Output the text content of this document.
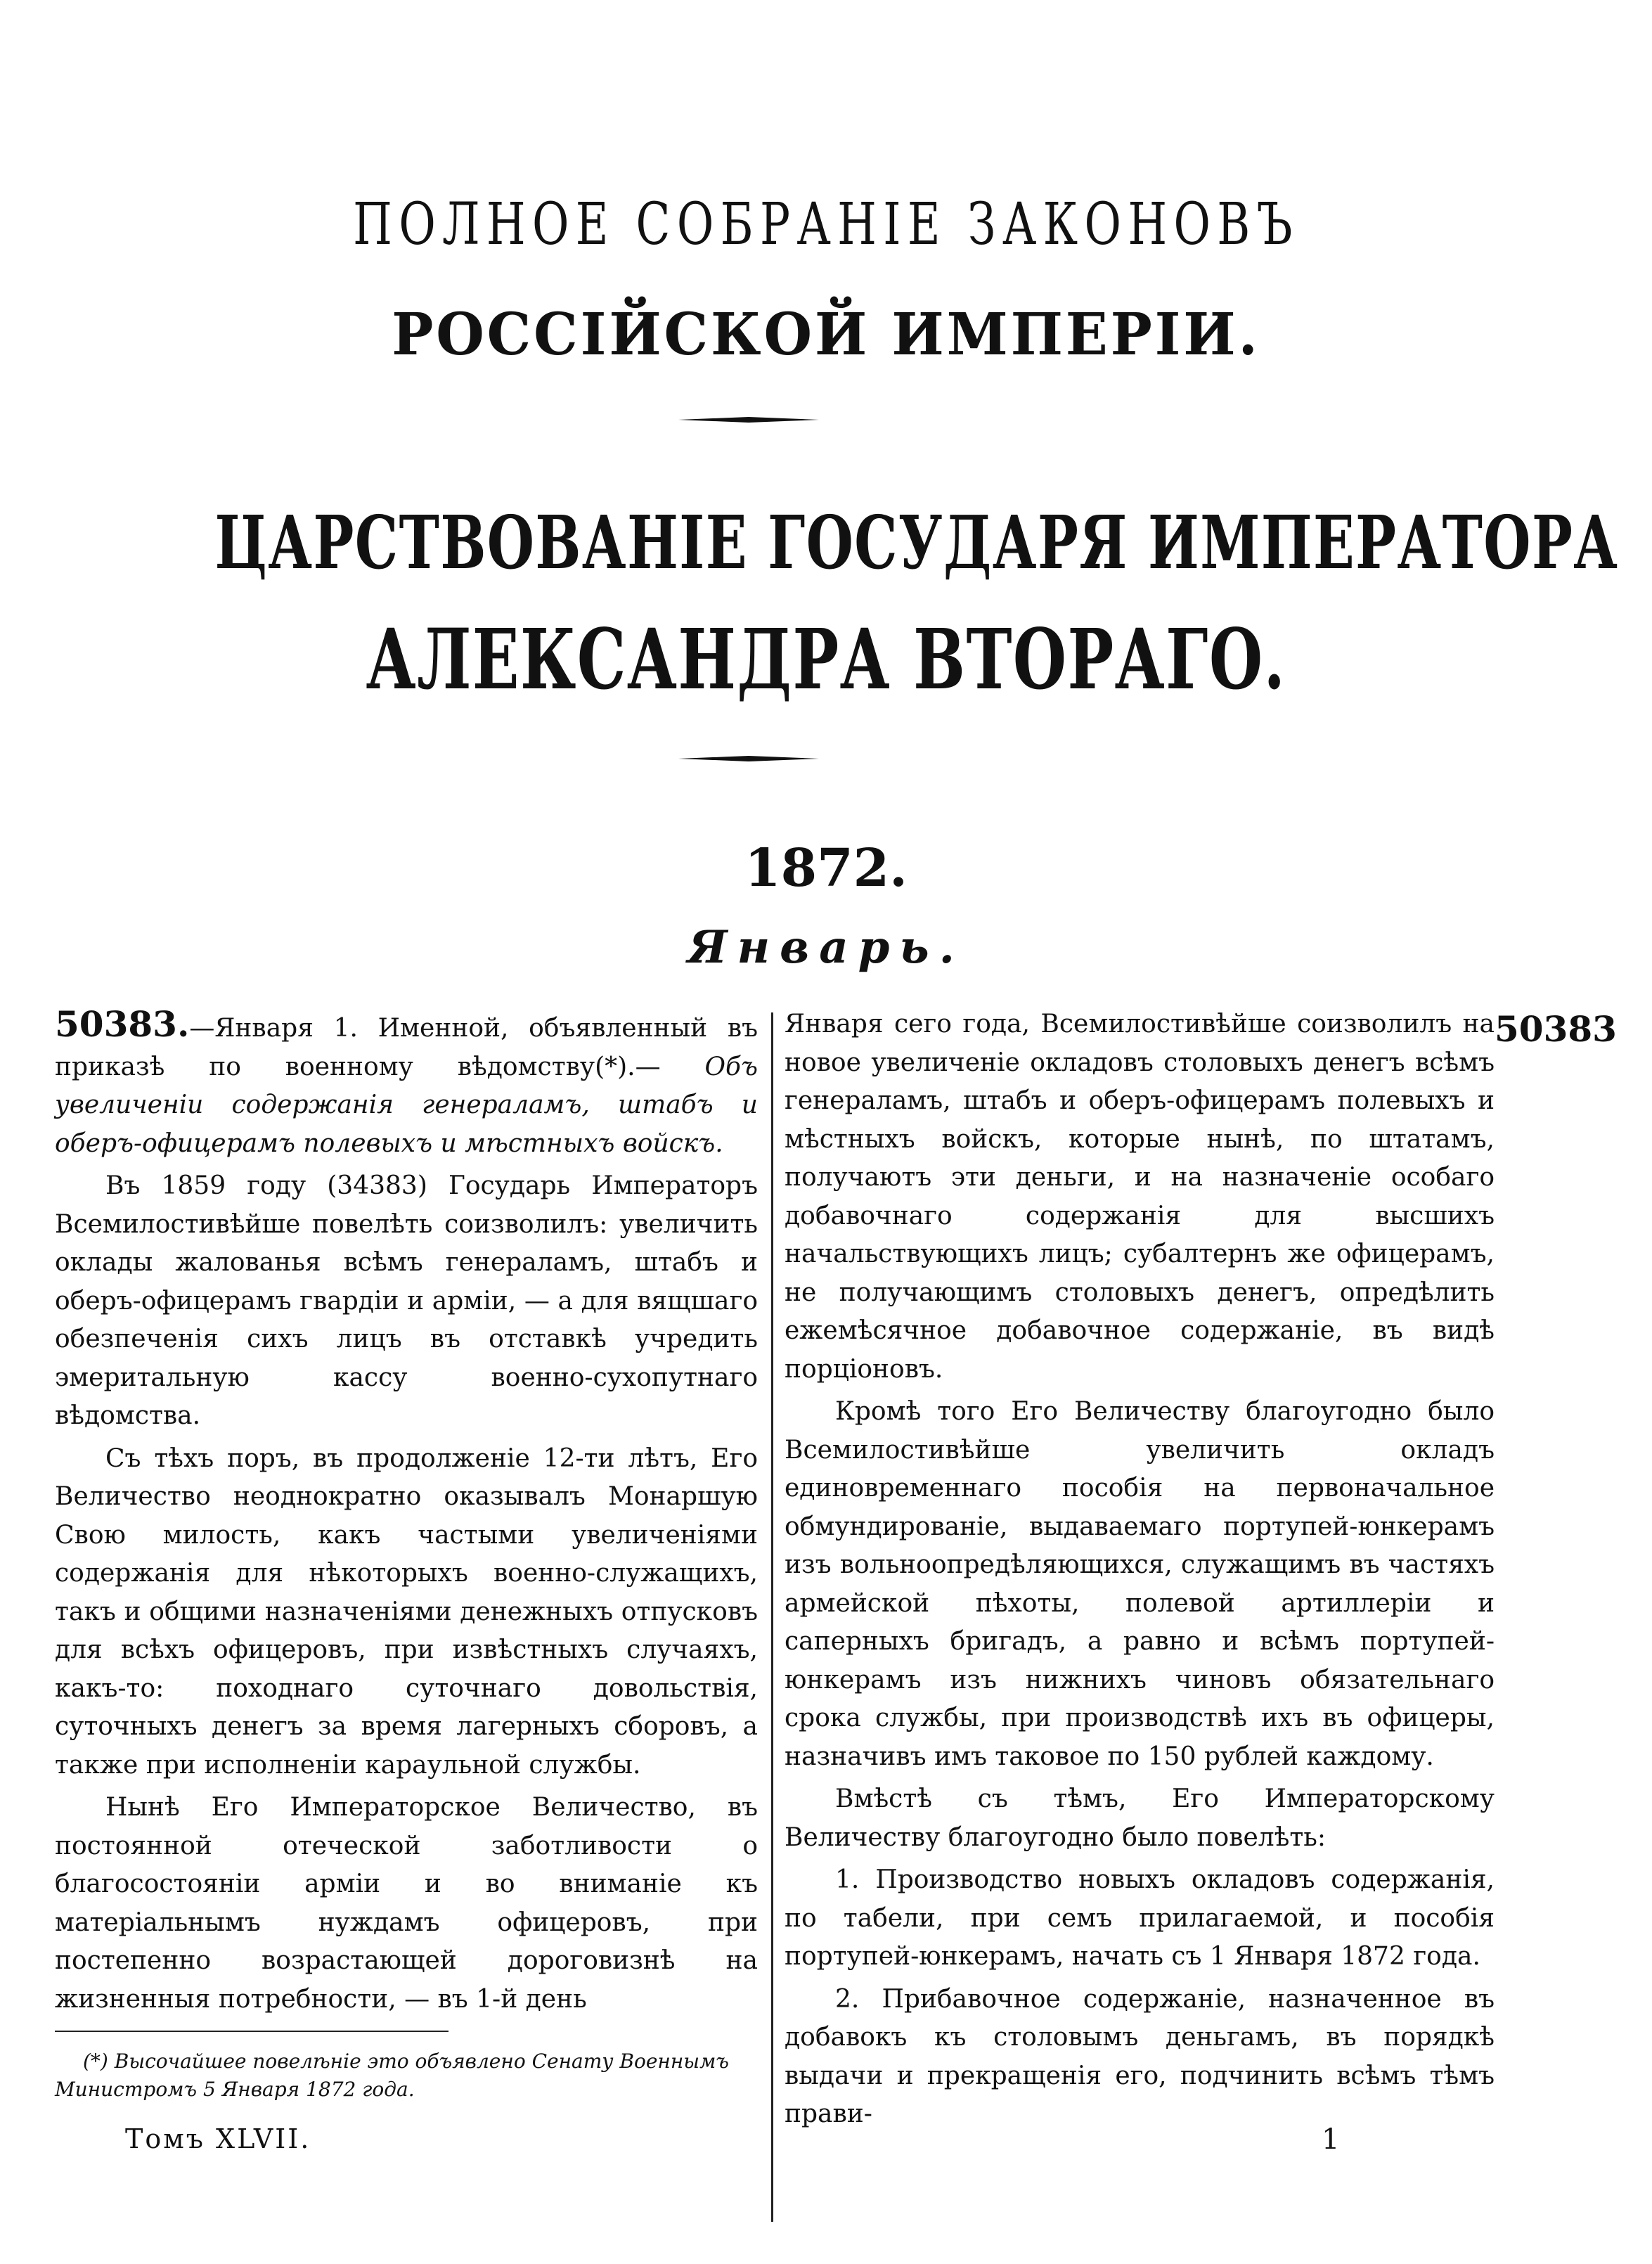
ПОЛНОЕ СОБРАНІЕ ЗАКОНОВЪ
РОССІЙСКОЙ ИМПЕРІИ.
ЦАРСТВОВАНІЕ ГОСУДАРЯ ИМПЕРАТОРА
АЛЕКСАНДРА ВТОРАГО.
1872.
Январь.

50383.—Января 1. Именной, объявленный въ приказѣ по военному вѣдомству(*).— Объ увеличеніи содержанія генераламъ, штабъ и оберъ-офицерамъ полевыхъ и мѣстныхъ войскъ.

Въ 1859 году (34383) Государь Императоръ Всемилостивѣйше повелѣть соизволилъ: увеличить оклады жалованья всѣмъ генераламъ, штабъ и оберъ-офицерамъ гвардіи и арміи, — а для вящшаго обезпеченія сихъ лицъ въ отставкѣ учредить эмеритальную кассу военно-сухопутнаго вѣдомства.

Съ тѣхъ поръ, въ продолженіе 12-ти лѣтъ, Его Величество неоднократно оказывалъ Монаршую Свою милость, какъ частыми увеличеніями содержанія для нѣкоторыхъ военно-служащихъ, такъ и общими назначеніями денежныхъ отпусковъ для всѣхъ офицеровъ, при извѣстныхъ случаяхъ, какъ-то: походнаго суточнаго довольствія, суточныхъ денегъ за время лагерныхъ сборовъ, а также при исполненіи караульной службы.

Нынѣ Его Императорское Величество, въ постоянной отеческой заботливости о благосостояніи арміи и во вниманіе къ матеріальнымъ нуждамъ офицеровъ, при постепенно возрастающей дороговизнѣ на жизненныя потребности, — въ 1-й день

Января сего года, Всемилостивѣйше соизволилъ на новое увеличеніе окладовъ столовыхъ денегъ всѣмъ генераламъ, штабъ и оберъ-офицерамъ полевыхъ и мѣстныхъ войскъ, которые нынѣ, по штатамъ, получаютъ эти деньги, и на назначеніе особаго добавочнаго содержанія для высшихъ начальствующихъ лицъ; субалтернъ же офицерамъ, не получающимъ столовыхъ денегъ, опредѣлить ежемѣсячное добавочное содержаніе, въ видѣ порціоновъ.

Кромѣ того Его Величеству благоугодно было Всемилостивѣйше увеличить окладъ единовременнаго пособія на первоначальное обмундированіе, выдаваемаго портупей-юнкерамъ изъ вольноопредѣляющихся, служащимъ въ частяхъ армейской пѣхоты, полевой артиллеріи и саперныхъ бригадъ, а равно и всѣмъ портупей-юнкерамъ изъ нижнихъ чиновъ обязательнаго срока службы, при производствѣ ихъ въ офицеры, назначивъ имъ таковое по 150 рублей каждому.

Вмѣстѣ съ тѣмъ, Его Императорскому Величеству благоугодно было повелѣть:

1. Производство новыхъ окладовъ содержанія, по табели, при семъ прилагаемой, и пособія портупей-юнкерамъ, начать съ 1 Января 1872 года.

2. Прибавочное содержаніе, назначенное въ добавокъ къ столовымъ деньгамъ, въ порядкѣ выдачи и прекращенія его, подчинить всѣмъ тѣмъ прави-

50383
(*) Высочайшее повелѣніе это объявлено Сенату Военнымъ Министромъ 5 Января 1872 года.
Томъ XLVII.	1
